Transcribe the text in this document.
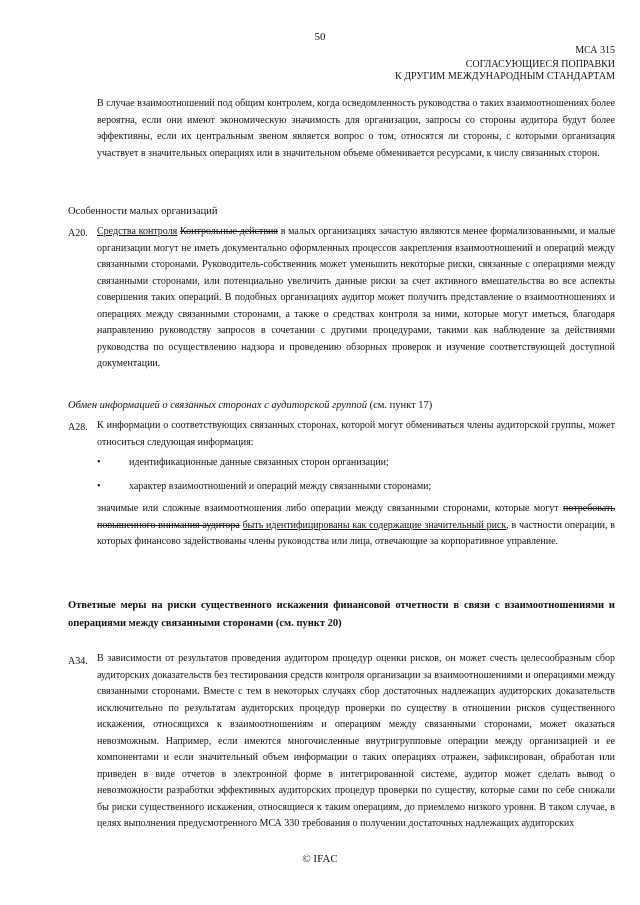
50
МСА 315
СОГЛАСУЮЩИЕСЯ ПОПРАВКИ
К ДРУГИМ МЕЖДУНАРОДНЫМ СТАНДАРТАМ
В случае взаимоотношений под общим контролем, когда осведомленность руководства о таких взаимоотношениях более вероятна, если они имеют экономическую значимость для организации, запросы со стороны аудитора будут более эффективны, если их центральным звеном является вопрос о том, относятся ли стороны, с которыми организация участвует в значительных операциях или в значительном объеме обменивается ресурсами, к числу связанных сторон.
Особенности малых организаций
A20. Средства контроля Контрольные действия в малых организациях зачастую являются менее формализованными, и малые организации могут не иметь документально оформленных процессов закрепления взаимоотношений и операций между связанными сторонами. Руководитель-собственник может уменьшить некоторые риски, связанные с операциями между связанными сторонами, или потенциально увеличить данные риски за счет активного вмешательства во все аспекты совершения таких операций. В подобных организациях аудитор может получить представление о взаимоотношениях и операциях между связанными сторонами, а также о средствах контроля за ними, которые могут иметься, благодаря направлению руководству запросов в сочетании с другими процедурами, такими как наблюдение за действиями руководства по осуществлению надзора и проведению обзорных проверок и изучение соответствующей доступной документации.
Обмен информацией о связанных сторонах с аудиторской группой (см. пункт 17)
A28. К информации о соответствующих связанных сторонах, которой могут обмениваться члены аудиторской группы, может относиться следующая информация:
•	идентификационные данные связанных сторон организации;
•	характер взаимоотношений и операций между связанными сторонами;
значимые или сложные взаимоотношения либо операции между связанными сторонами, которые могут потребовать повышенного внимания аудитора быть идентифицированы как содержащие значительный риск, в частности операции, в которых финансово задействованы члены руководства или лица, отвечающие за корпоративное управление.
Ответные меры на риски существенного искажения финансовой отчетности в связи с взаимоотношениями и операциями между связанными сторонами (см. пункт 20)
A34. В зависимости от результатов проведения аудитором процедур оценки рисков, он может счесть целесообразным сбор аудиторских доказательств без тестирования средств контроля организации за взаимоотношениями и операциями между связанными сторонами. Вместе с тем в некоторых случаях сбор достаточных надлежащих аудиторских доказательств исключительно по результатам аудиторских процедур проверки по существу в отношении рисков существенного искажения, относящихся к взаимоотношениям и операциям между связанными сторонами, может оказаться невозможным. Например, если имеются многочисленные внутригрупповые операции между организацией и ее компонентами и если значительный объем информации о таких операциях отражен, зафиксирован, обработан или приведен в виде отчетов в электронной форме в интегрированной системе, аудитор может сделать вывод о невозможности разработки эффективных аудиторских процедур проверки по существу, которые сами по себе снижали бы риски существенного искажения, относящиеся к таким операциям, до приемлемо низкого уровня. В таком случае, в целях выполнения предусмотренного МСА 330 требования о получении достаточных надлежащих аудиторских
© IFAC
